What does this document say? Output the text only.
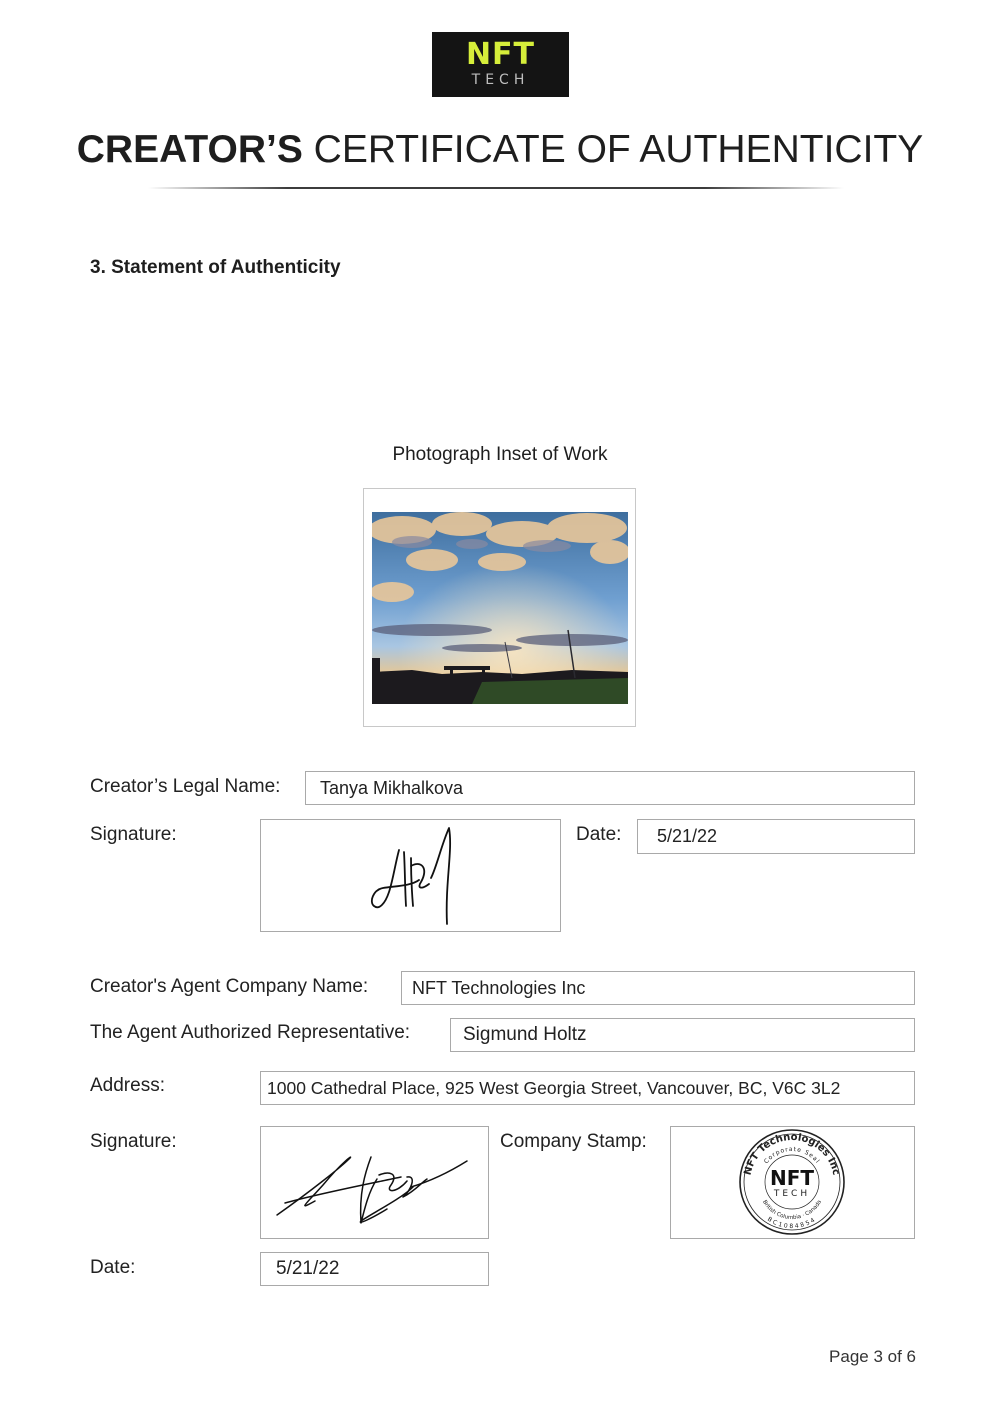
NFT
TECH
CREATOR’S CERTIFICATE OF AUTHENTICITY
3. Statement of Authenticity
Photograph Inset of Work
Creator’s Legal Name: Tanya Mikhalkova
Signature:	Date: 5/21/22
Creator's Agent Company Name: NFT Technologies Inc
The Agent Authorized Representative:	Sigmund Holtz
Address:	1000 Cathedral Place, 925 West Georgia Street, Vancouver, BC, V6C 3L2
Signature:	Company Stamp:
NFT Technologies Inc
Corporate Seal
British Columbia · Canada
BC1084854
NFT
TECH
Date:	5/21/22
Page 3 of 6
